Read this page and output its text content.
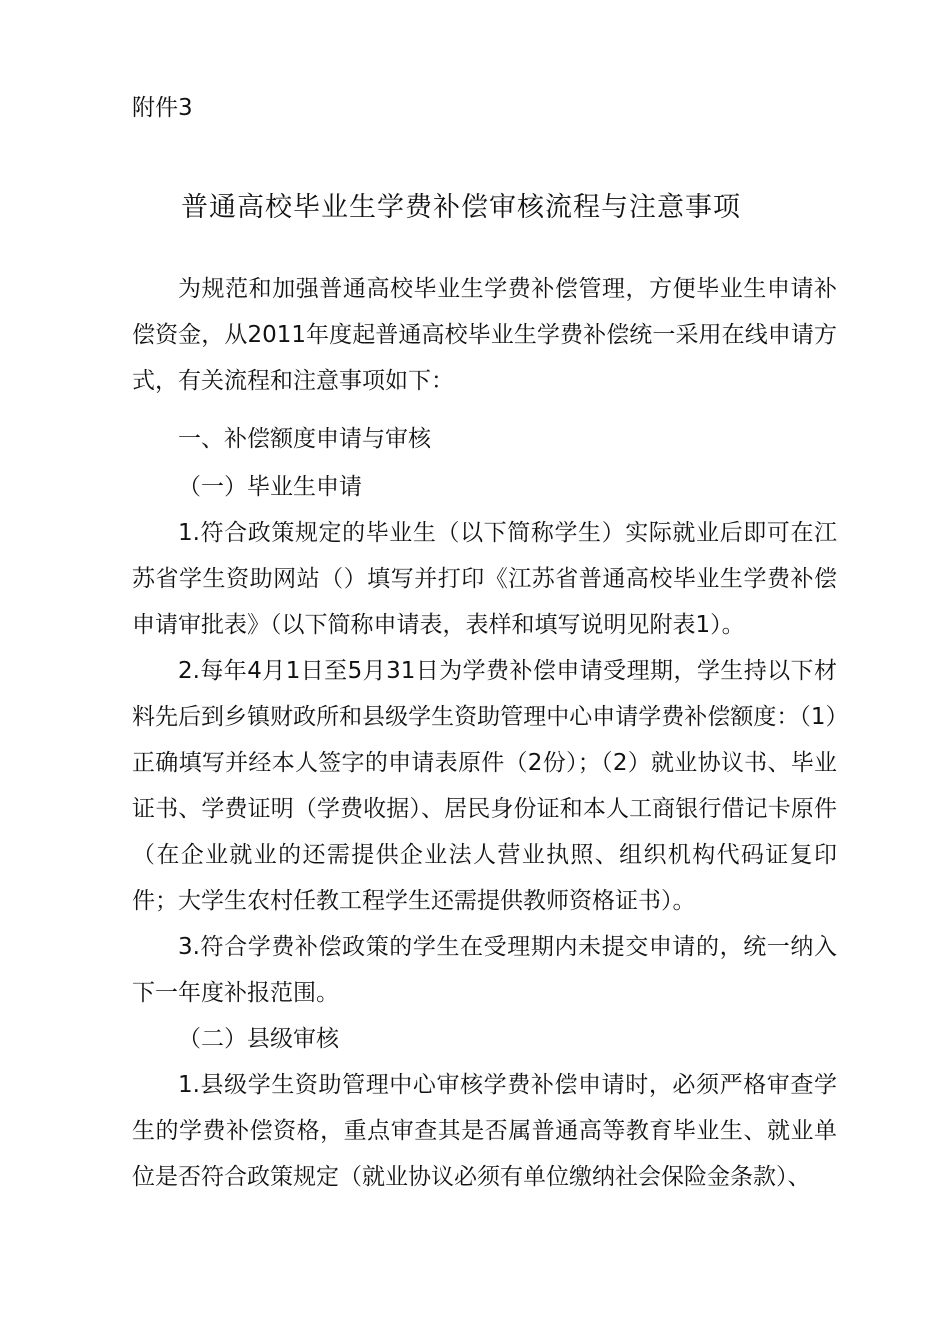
附件3
普通高校毕业生学费补偿审核流程与注意事项

为规范和加强普通高校毕业生学费补偿管理，方便毕业生申请补偿资金，从2011年度起普通高校毕业生学费补偿统一采用在线申请方式，有关流程和注意事项如下：

一、补偿额度申请与审核

（一）毕业生申请

1.符合政策规定的毕业生（以下简称学生）实际就业后即可在江苏省学生资助网站（）填写并打印《江苏省普通高校毕业生学费补偿申请审批表》（以下简称申请表，表样和填写说明见附表1）。

2.每年4月1日至5月31日为学费补偿申请受理期，学生持以下材料先后到乡镇财政所和县级学生资助管理中心申请学费补偿额度：（1）正确填写并经本人签字的申请表原件（2份）；（2）就业协议书、毕业证书、学费证明（学费收据）、居民身份证和本人工商银行借记卡原件（在企业就业的还需提供企业法人营业执照、组织机构代码证复印件；大学生农村任教工程学生还需提供教师资格证书）。

3.符合学费补偿政策的学生在受理期内未提交申请的，统一纳入下一年度补报范围。

（二）县级审核

1.县级学生资助管理中心审核学费补偿申请时，必须严格审查学生的学费补偿资格，重点审查其是否属普通高等教育毕业生、就业单位是否符合政策规定（就业协议必须有单位缴纳社会保险金条款）、
